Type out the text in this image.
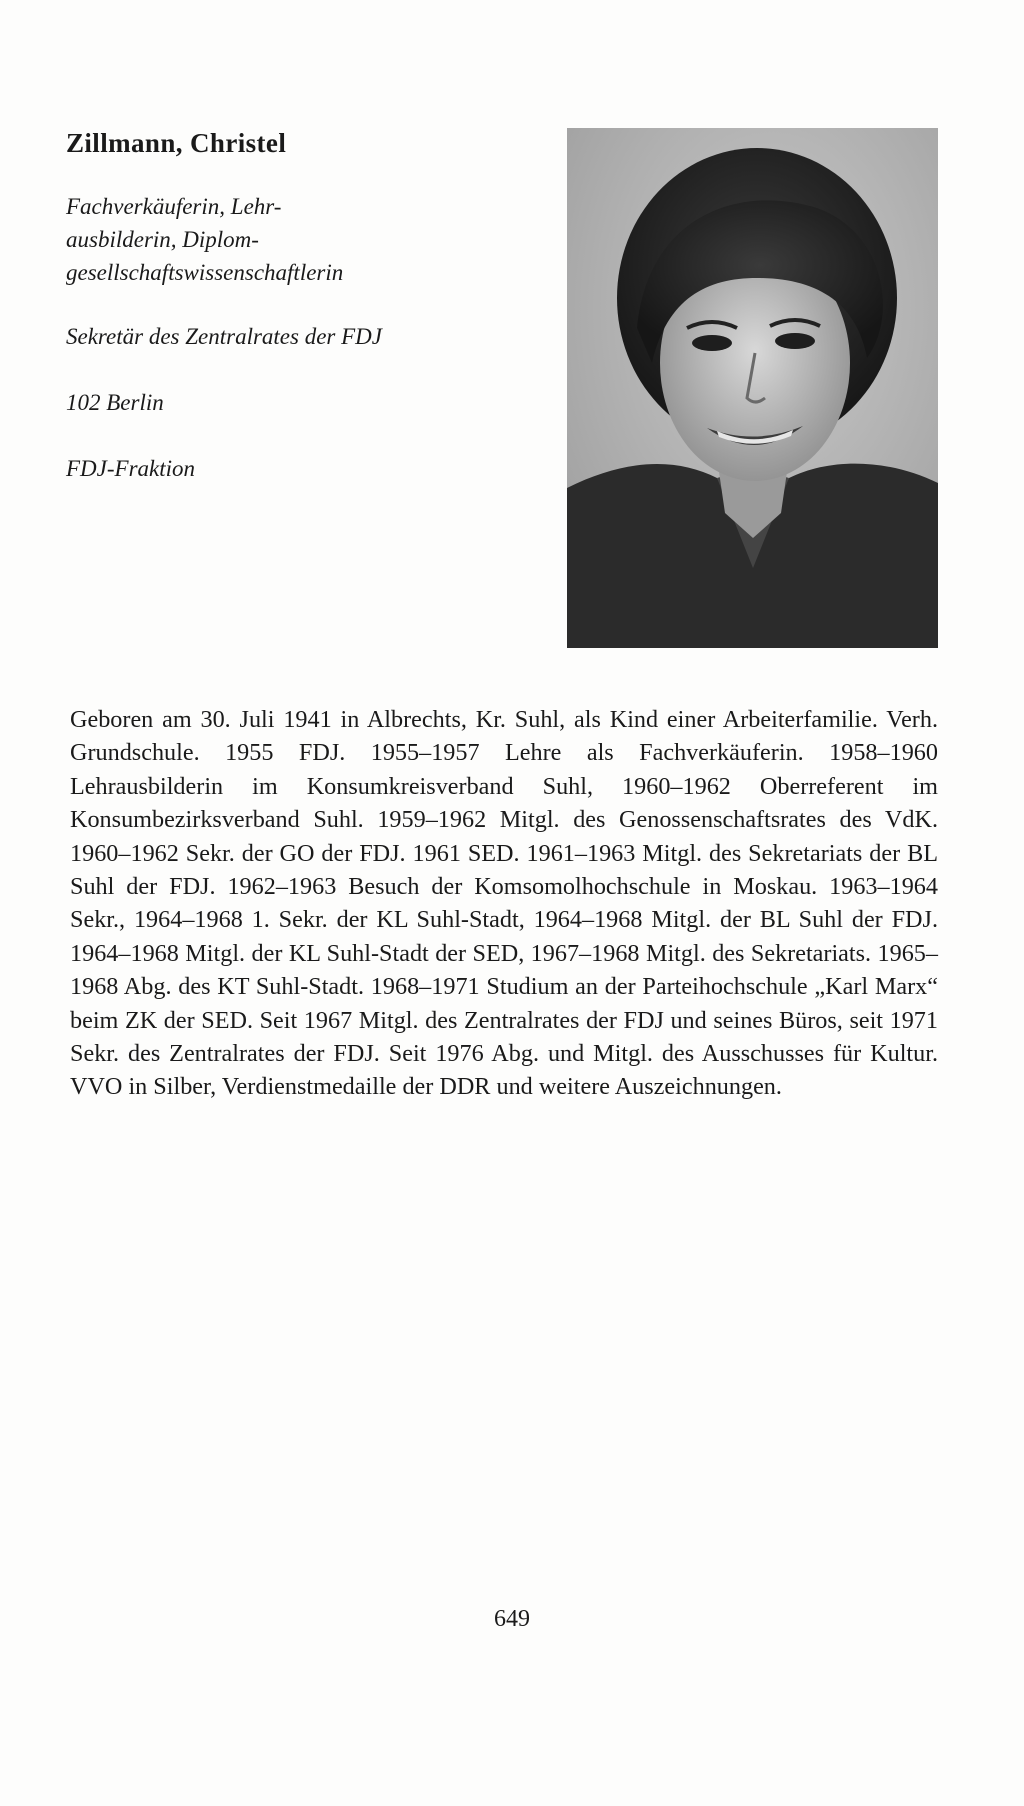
Zillmann, Christel

Fachverkäuferin, Lehr-
ausbilderin, Diplom-
gesellschaftswissenschaftlerin

Sekretär des Zentralrates der FDJ

102 Berlin

FDJ-Fraktion

Geboren am 30. Juli 1941 in Albrechts, Kr. Suhl, als Kind einer Arbeiterfamilie. Verh. Grundschule. 1955 FDJ. 1955–1957 Lehre als Fachverkäuferin. 1958–1960 Lehrausbilderin im Konsumkreisverband Suhl, 1960–1962 Oberreferent im Konsumbezirksverband Suhl. 1959–1962 Mitgl. des Genossenschaftsrates des VdK. 1960–1962 Sekr. der GO der FDJ. 1961 SED. 1961–1963 Mitgl. des Sekretariats der BL Suhl der FDJ. 1962–1963 Besuch der Komsomolhochschule in Moskau. 1963–1964 Sekr., 1964–1968 1. Sekr. der KL Suhl-Stadt, 1964–1968 Mitgl. der BL Suhl der FDJ. 1964–1968 Mitgl. der KL Suhl-Stadt der SED, 1967–1968 Mitgl. des Sekretariats. 1965–1968 Abg. des KT Suhl-Stadt. 1968–1971 Studium an der Parteihochschule „Karl Marx“ beim ZK der SED. Seit 1967 Mitgl. des Zentralrates der FDJ und seines Büros, seit 1971 Sekr. des Zentralrates der FDJ. Seit 1976 Abg. und Mitgl. des Ausschusses für Kultur. VVO in Silber, Verdienstmedaille der DDR und weitere Auszeichnungen.

649
